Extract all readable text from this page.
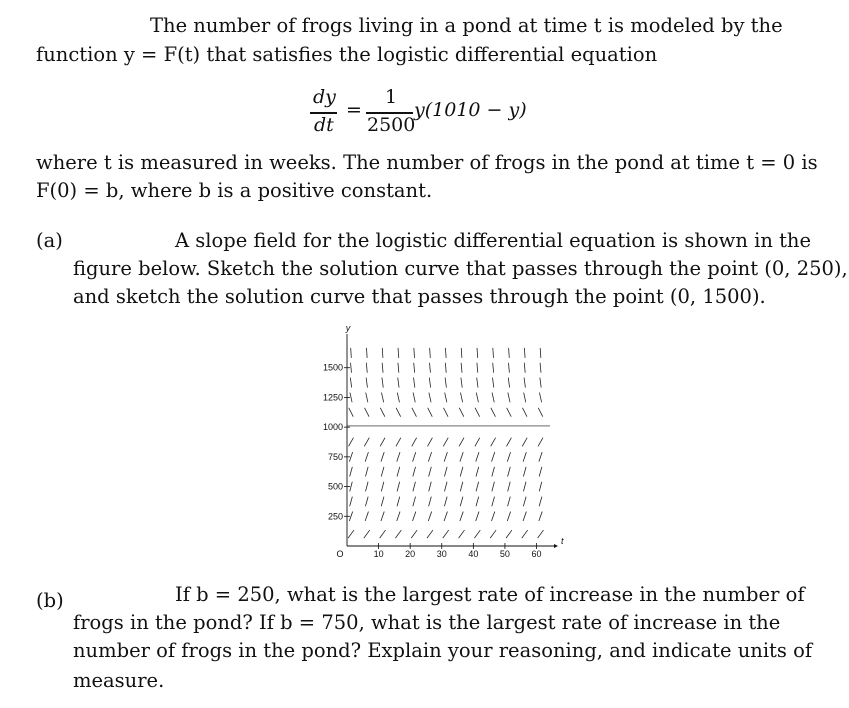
The number of frogs living in a pond at time t is modeled by the
function y = F(t) that satisfies the logistic differential equation
dy
dt
=
1
2500
y(1010 − y)
where t is measured in weeks. The number of frogs in the pond at time t = 0 is
F(0) = b, where b is a positive constant.
(a)	A slope field for the logistic differential equation is shown in the
figure below. Sketch the solution curve that passes through the point (0, 250),
and sketch the solution curve that passes through the point (0, 1500).
y
t
O
250
500
750
1000
1250
1500
10 20 30 40 50 60
(b)	If b = 250, what is the largest rate of increase in the number of
frogs in the pond? If b = 750, what is the largest rate of increase in the
number of frogs in the pond? Explain your reasoning, and indicate units of
measure.
